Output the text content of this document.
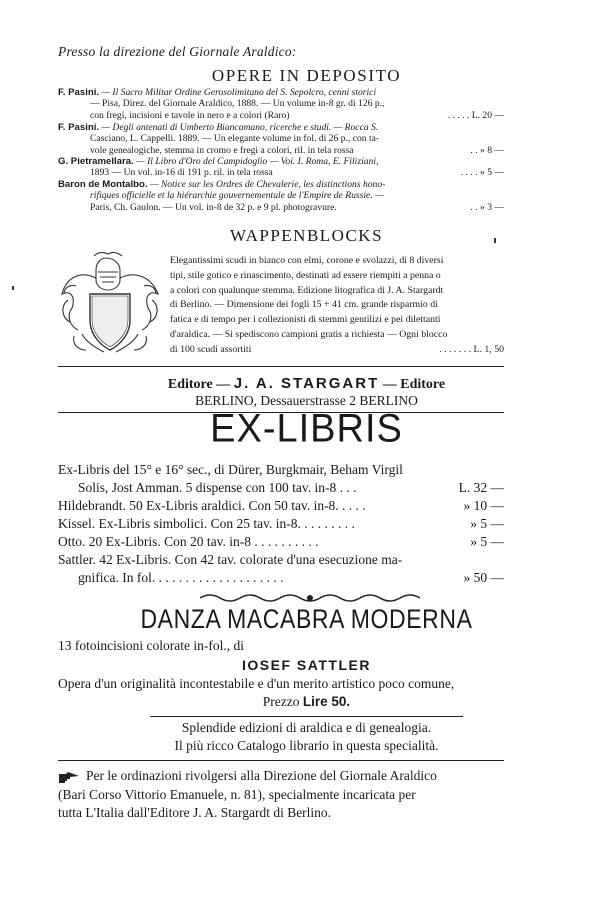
Presso la direzione del Giornale Araldico:
OPERE IN DEPOSITO
F. Pasini. — Il Sacro Militar Ordine Gerosolimitano del S. Sepolcro, cenni storici
— Pisa, Direz. del Giornale Araldico, 1888. — Un volume in-8 gr. di 126 p.,
con fregi, incisioni e tavole in nero e a colori (Raro)	. . . . . L. 20 —
F. Pasini. — Degli antenati di Umberto Biancamano, ricerche e studi. — Rocca S.
Casciano, L. Cappelli. 1889. — Un elegante volume in fol. di 26 p., con ta-
vole genealogiche, stemma in cromo e fregi a colori, ril. in tela rossa	. . » 8 —
G. Pietramellara. — Il Libro d'Oro del Campidoglio — Voi. I. Roma, E. Filiziani,
1893 — Un vol. in-16 di 191 p. ril. in tela rossa	. . . . » 5 —
Baron de Montalbo. — Notice sur les Ordres de Chevalerie, les distinctions hono-
rifiques officielle et la hiérarchie gouvernementale de l'Empire de Russie. —
Paris, Ch. Gaulon. — Un vol. in-8 de 32 p. e 9 pl. photogravure.	. . » 3 —
WAPPENBLOCKS
Elegantissimi scudi in bianco con elmi, corone e svolazzi, di 8 diversi
tipi, stile gotico e rinascimento, destinati ad essere riempiti a penna o
a colori con qualunque stemma. Edizione litografica di J. A. Stargardt
di Berlino. — Dimensione dei fogli 15 + 41 cm. grande risparmio di
fatica e di tempo per i collezionisti di stemmi gentilizi e pei dilettanti
d'araldica. — Si spediscono campioni gratis a richiesta — Ogni blocco
di 100 scudi assortiti	. . . . . . . L. 1, 50
Editore — J. A. STARGART — Editore
BERLINO, Dessauerstrasse 2 BERLINO
EX-LIBRIS
Ex-Libris del 15° e 16° sec., di Dürer, Burgkmair, Beham Virgil
Solis, Jost Amman. 5 dispense con 100 tav. in-8 . . .	L. 32 —
Hildebrandt. 50 Ex-Libris araldici. Con 50 tav. in-8. . . . .	» 10 —
Kissel. Ex-Libris simbolici. Con 25 tav. in-8. . . . . . . . .	» 5 —
Otto. 20 Ex-Libris. Con 20 tav. in-8 . . . . . . . . . .	» 5 —
Sattler. 42 Ex-Libris. Con 42 tav. colorate d'una esecuzione ma-
gnifica. In fol. . . . . . . . . . . . . . . . . . . .	» 50 —
DANZA MACABRA MODERNA
13 fotoincisioni colorate in-fol., di
IOSEF SATTLER
Opera d'un originalità incontestabile e d'un merito artistico poco comune,
Prezzo Lire 50.
Splendide edizioni di araldica e di genealogia.
Il più ricco Catalogo librario in questa specialità.
Per le ordinazioni rivolgersi alla Direzione del Giornale Araldico
(Bari Corso Vittorio Emanuele, n. 81), specialmente incaricata per
tutta L'Italia dall'Editore J. A. Stargardt di Berlino.
